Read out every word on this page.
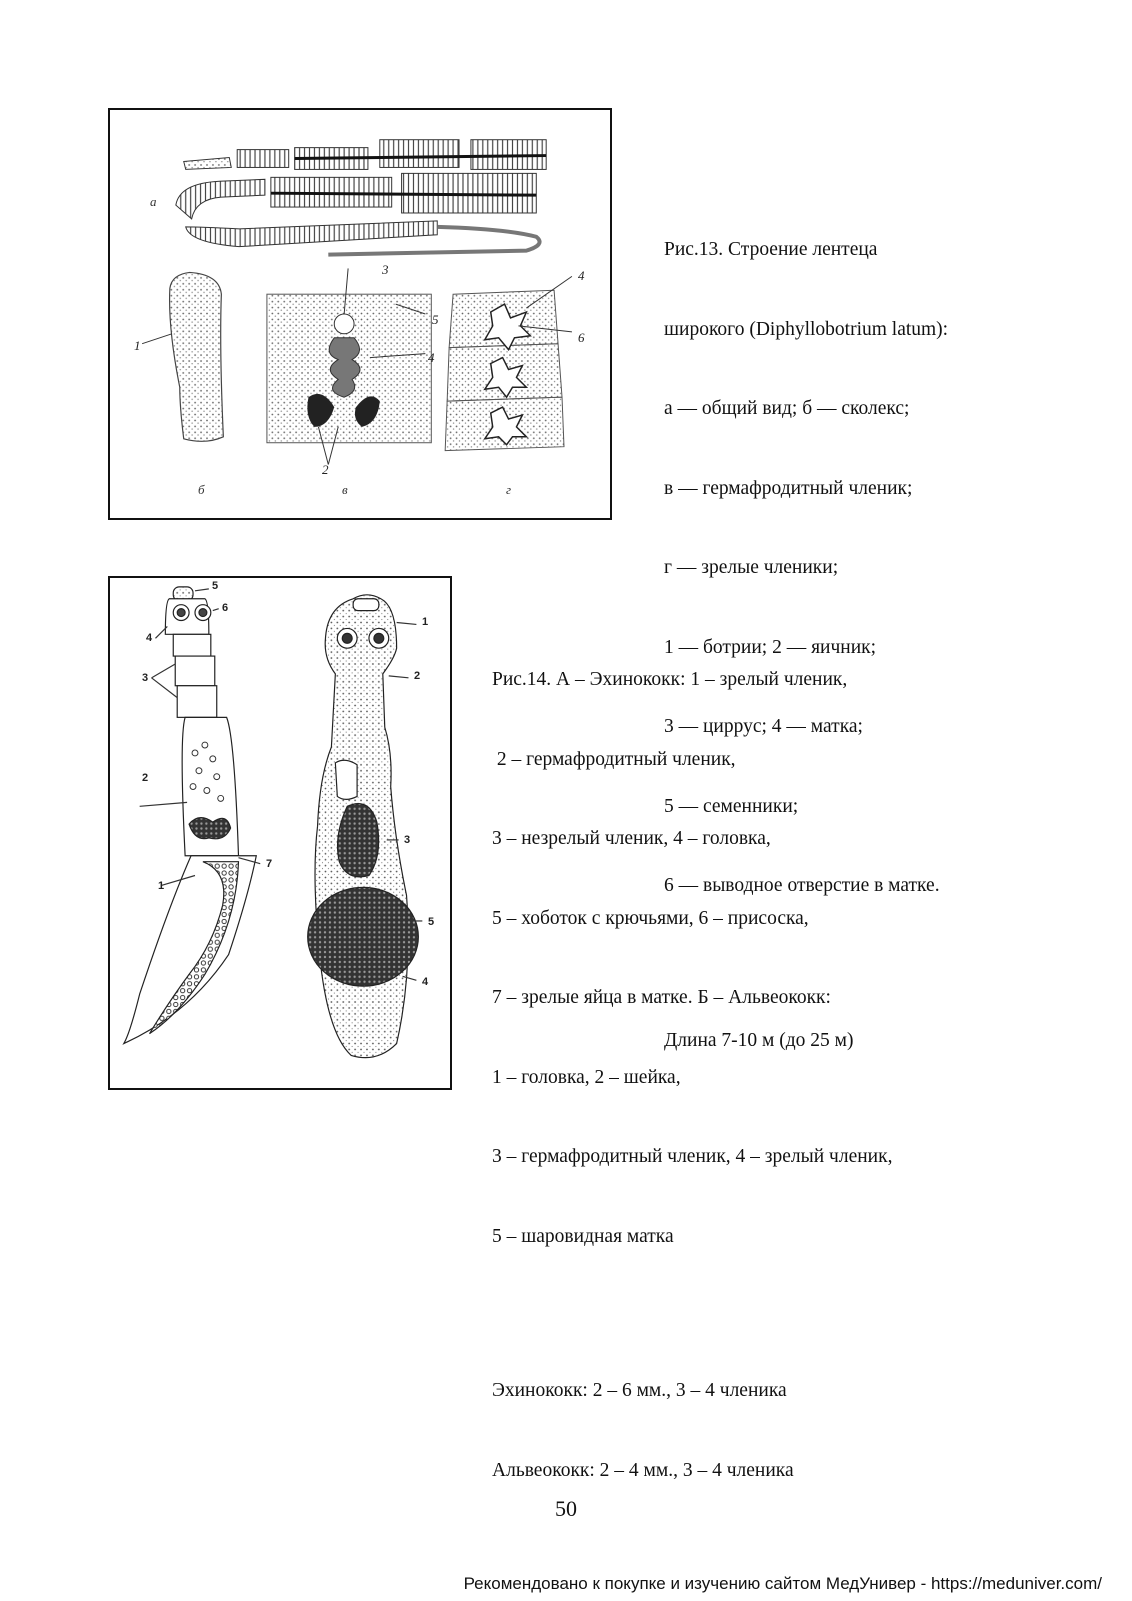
а
б	в	г
1
2
3
4
5
4
6

Рис.13. Строение лентеца

широкого (Diphyllobotrium latum):

а — общий вид; б — сколекс;

в — гермафродитный членик;

г — зрелые членики;

1 — ботрии; 2 — яичник;

3 — циррус; 4 — матка;

5 — семенники;

6 — выводное отверстие в матке.

Длина 7-10 м (до 25 м)

5
6
4
3
2
7
1
1
2
3
5
4

Рис.14. А – Эхинококк: 1 – зрелый членик,

2 – гермафродитный членик,

3 – незрелый членик, 4 – головка,

5 – хоботок с крючьями, 6 – присоска,

7 – зрелые яйца в матке. Б – Альвеококк:

1 – головка, 2 – шейка,

3 – гермафродитный членик, 4 – зрелый членик,

5 – шаровидная матка

Эхинококк: 2 – 6 мм., 3 – 4 членика

Альвеококк: 2 – 4 мм., 3 – 4 членика

50
Рекомендовано к покупке и изучению сайтом МедУнивер - https://meduniver.com/
